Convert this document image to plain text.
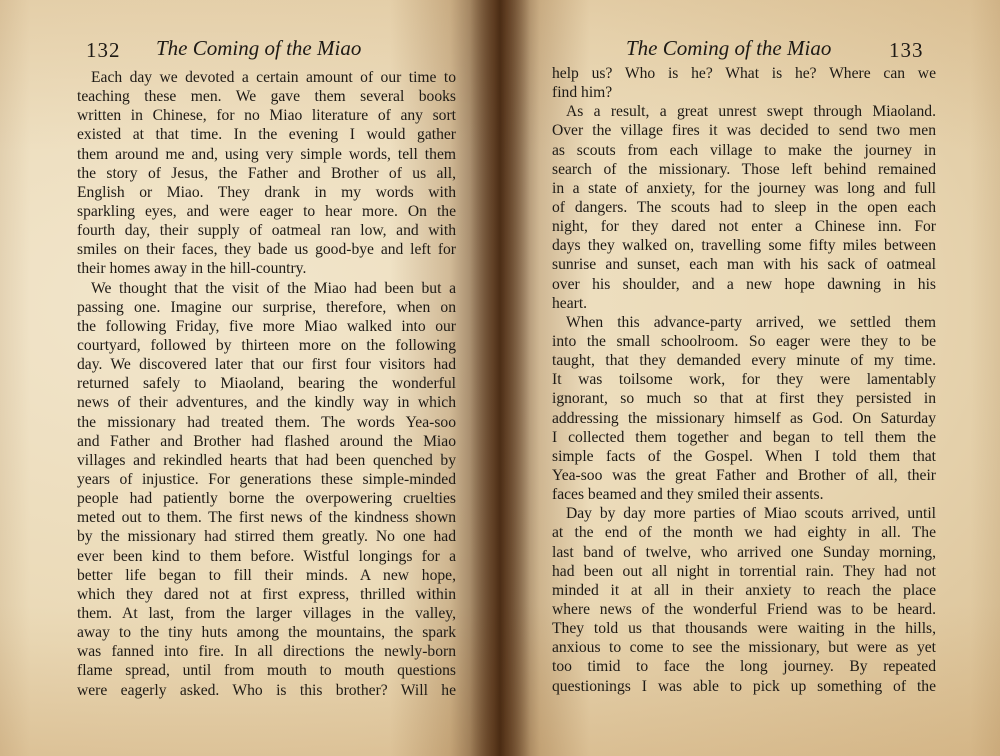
132 The Coming of the Miao
Each day we devoted a certain amount of our time to
teaching these men. We gave them several books
written in Chinese, for no Miao literature of any sort
existed at that time. In the evening I would gather
them around me and, using very simple words, tell them
the story of Jesus, the Father and Brother of us all,
English or Miao. They drank in my words with
sparkling eyes, and were eager to hear more. On the
fourth day, their supply of oatmeal ran low, and with
smiles on their faces, they bade us good-bye and left for
their homes away in the hill-country.
We thought that the visit of the Miao had been but a
passing one. Imagine our surprise, therefore, when on
the following Friday, five more Miao walked into our
courtyard, followed by thirteen more on the following
day. We discovered later that our first four visitors had
returned safely to Miaoland, bearing the wonderful
news of their adventures, and the kindly way in which
the missionary had treated them. The words Yea-soo
and Father and Brother had flashed around the Miao
villages and rekindled hearts that had been quenched by
years of injustice. For generations these simple-minded
people had patiently borne the overpowering cruelties
meted out to them. The first news of the kindness shown
by the missionary had stirred them greatly. No one had
ever been kind to them before. Wistful longings for a
better life began to fill their minds. A new hope,
which they dared not at first express, thrilled within
them. At last, from the larger villages in the valley,
away to the tiny huts among the mountains, the spark
was fanned into fire. In all directions the newly-born
flame spread, until from mouth to mouth questions
were eagerly asked. Who is this brother? Will he
The Coming of the Miao	133
help us? Who is he? What is he? Where can we
find him?
As a result, a great unrest swept through Miaoland.
Over the village fires it was decided to send two men
as scouts from each village to make the journey in
search of the missionary. Those left behind remained
in a state of anxiety, for the journey was long and full
of dangers. The scouts had to sleep in the open each
night, for they dared not enter a Chinese inn. For
days they walked on, travelling some fifty miles between
sunrise and sunset, each man with his sack of oatmeal
over his shoulder, and a new hope dawning in his
heart.
When this advance-party arrived, we settled them
into the small schoolroom. So eager were they to be
taught, that they demanded every minute of my time.
It was toilsome work, for they were lamentably
ignorant, so much so that at first they persisted in
addressing the missionary himself as God. On Saturday
I collected them together and began to tell them the
simple facts of the Gospel. When I told them that
Yea-soo was the great Father and Brother of all, their
faces beamed and they smiled their assents.
Day by day more parties of Miao scouts arrived, until
at the end of the month we had eighty in all. The
last band of twelve, who arrived one Sunday morning,
had been out all night in torrential rain. They had not
minded it at all in their anxiety to reach the place
where news of the wonderful Friend was to be heard.
They told us that thousands were waiting in the hills,
anxious to come to see the missionary, but were as yet
too timid to face the long journey. By repeated
questionings I was able to pick up something of the
